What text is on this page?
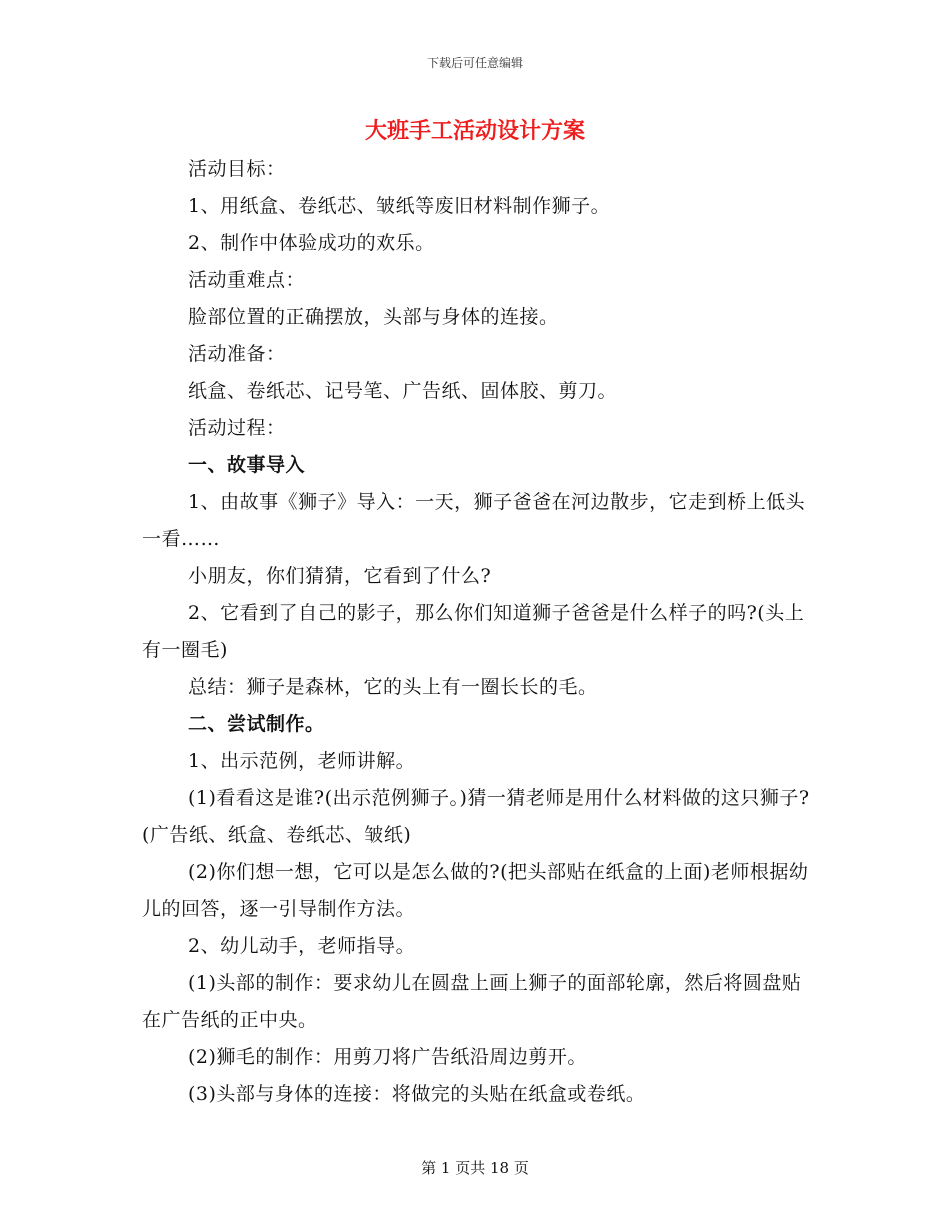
下载后可任意编辑
大班手工活动设计方案

活动目标：

1、用纸盒、卷纸芯、皱纸等废旧材料制作狮子。

2、制作中体验成功的欢乐。

活动重难点：

脸部位置的正确摆放，头部与身体的连接。

活动准备：

纸盒、卷纸芯、记号笔、广告纸、固体胶、剪刀。

活动过程：

一、故事导入

1、由故事《狮子》导入：一天，狮子爸爸在河边散步，它走到桥上低头一看……

小朋友，你们猜猜，它看到了什么?

2、它看到了自己的影子，那么你们知道狮子爸爸是什么样子的吗?(头上有一圈毛)

总结：狮子是森林，它的头上有一圈长长的毛。

二、尝试制作。

1、出示范例，老师讲解。

(1)看看这是谁?(出示范例狮子。)猜一猜老师是用什么材料做的这只狮子?(广告纸、纸盒、卷纸芯、皱纸)

(2)你们想一想，它可以是怎么做的?(把头部贴在纸盒的上面)老师根据幼儿的回答，逐一引导制作方法。

2、幼儿动手，老师指导。

(1)头部的制作：要求幼儿在圆盘上画上狮子的面部轮廓，然后将圆盘贴在广告纸的正中央。

(2)狮毛的制作：用剪刀将广告纸沿周边剪开。

(3)头部与身体的连接：将做完的头贴在纸盒或卷纸。

第 1 页共 18 页
